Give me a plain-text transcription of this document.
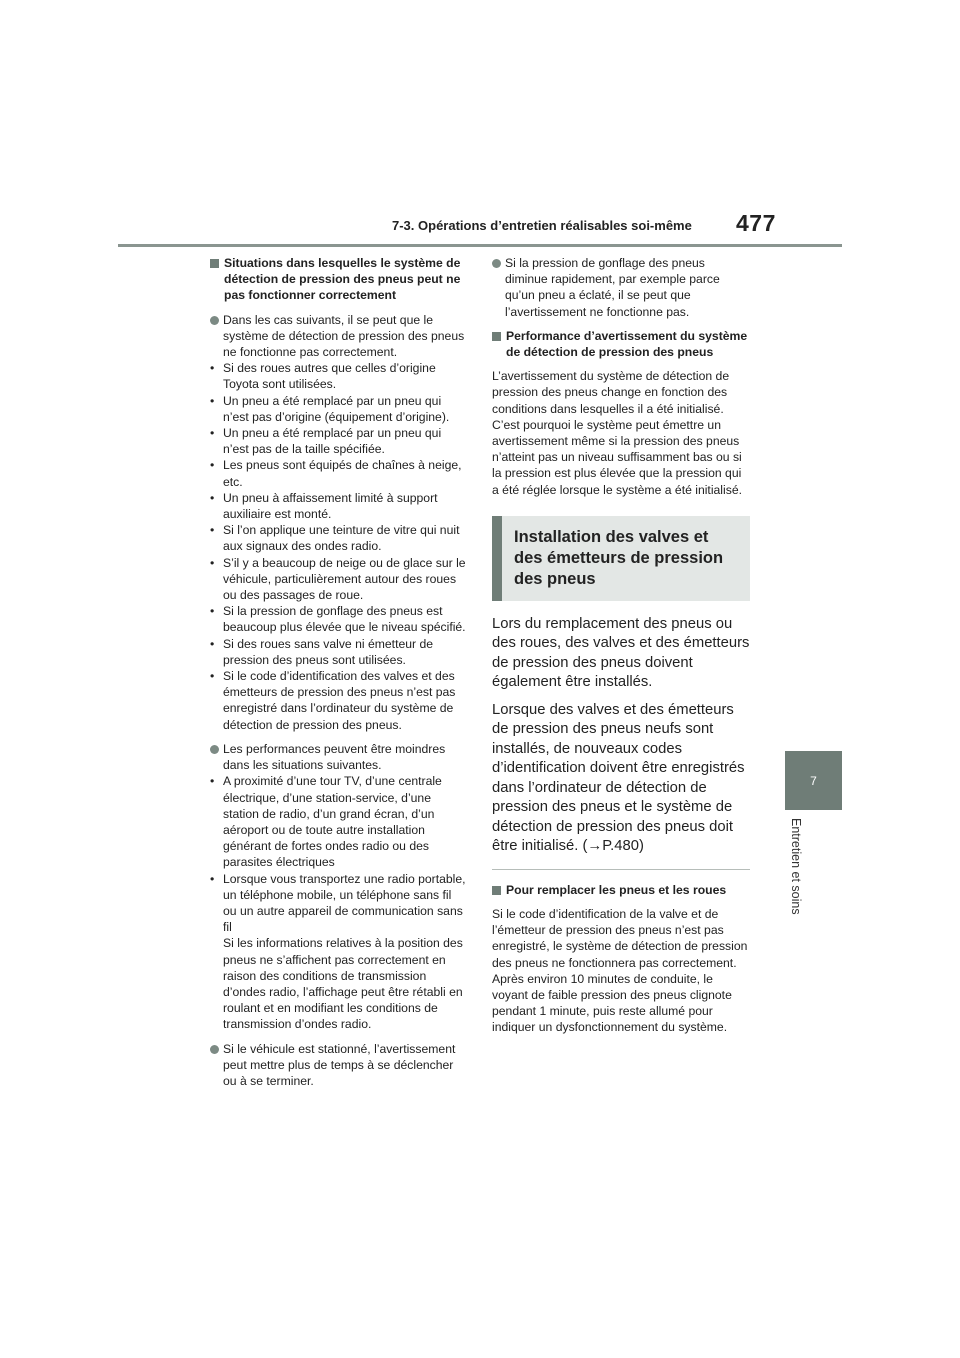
7-3. Opérations d’entretien réalisables soi-même 477
7
Entretien et soins
Situations dans lesquelles le système de détection de pression des pneus peut ne pas fonctionner correctement
Dans les cas suivants, il se peut que le système de détection de pression des pneus ne fonctionne pas correctement.
• Si des roues autres que celles d’origine Toyota sont utilisées.
• Un pneu a été remplacé par un pneu qui n’est pas d’origine (équipement d’origine).
• Un pneu a été remplacé par un pneu qui n’est pas de la taille spécifiée.
• Les pneus sont équipés de chaînes à neige, etc.
• Un pneu à affaissement limité à support auxiliaire est monté.
• Si l’on applique une teinture de vitre qui nuit aux signaux des ondes radio.
• S’il y a beaucoup de neige ou de glace sur le véhicule, particulièrement autour des roues ou des passages de roue.
• Si la pression de gonflage des pneus est beaucoup plus élevée que le niveau spécifié.
• Si des roues sans valve ni émetteur de pression des pneus sont utilisées.
• Si le code d’identification des valves et des émetteurs de pression des pneus n’est pas enregistré dans l’ordinateur du système de détection de pression des pneus.
Les performances peuvent être moindres dans les situations suivantes.
• A proximité d’une tour TV, d’une centrale électrique, d’une station-service, d’une station de radio, d’un grand écran, d’un aéroport ou de toute autre installation générant de fortes ondes radio ou des parasites électriques
• Lorsque vous transportez une radio portable, un téléphone mobile, un téléphone sans fil ou un autre appareil de communication sans fil
Si les informations relatives à la position des pneus ne s’affichent pas correctement en raison des conditions de transmission d’ondes radio, l’affichage peut être rétabli en roulant et en modifiant les conditions de transmission d’ondes radio.
Si le véhicule est stationné, l’avertissement peut mettre plus de temps à se déclencher ou à se terminer.
Si la pression de gonflage des pneus diminue rapidement, par exemple parce qu’un pneu a éclaté, il se peut que l’avertissement ne fonctionne pas.
Performance d’avertissement du système de détection de pression des pneus

L’avertissement du système de détection de pression des pneus change en fonction des conditions dans lesquelles il a été initialisé. C’est pourquoi le système peut émettre un avertissement même si la pression des pneus n’atteint pas un niveau suffisamment bas ou si la pression est plus élevée que la pression qui a été réglée lorsque le système a été initialisé.

Installation des valves et des émetteurs de pression des pneus

Lors du remplacement des pneus ou des roues, des valves et des émetteurs de pression des pneus doivent également être installés.

Lorsque des valves et des émetteurs de pression des pneus neufs sont installés, de nouveaux codes d’identification doivent être enregistrés dans l’ordinateur de détection de pression des pneus et le système de détection de pression des pneus doit être initialisé. (→P.480)

Pour remplacer les pneus et les roues

Si le code d’identification de la valve et de l’émetteur de pression des pneus n’est pas enregistré, le système de détection de pression des pneus ne fonctionnera pas correctement. Après environ 10 minutes de conduite, le voyant de faible pression des pneus clignote pendant 1 minute, puis reste allumé pour indiquer un dysfonctionnement du système.
